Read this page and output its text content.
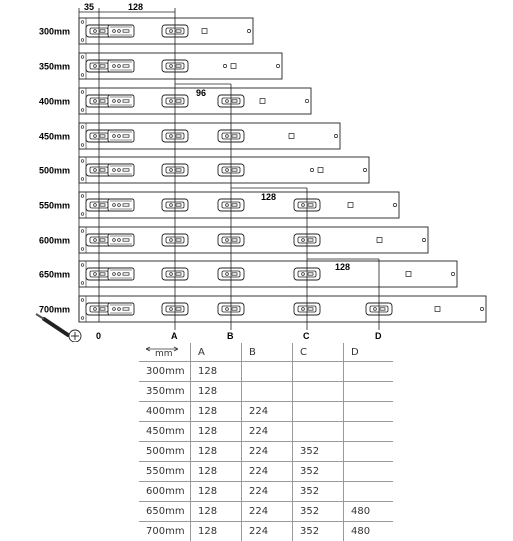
300mm
350mm
400mm
450mm
500mm
550mm
600mm
650mm
700mm
35	128
96
128
128
0	A	B	C	D
mm	A	B	C	D
300mm	128			
350mm	128			
400mm	128	224		
450mm	128	224		
500mm	128	224	352	
550mm	128	224	352	
600mm	128	224	352	
650mm	128	224	352	480
700mm	128	224	352	480
